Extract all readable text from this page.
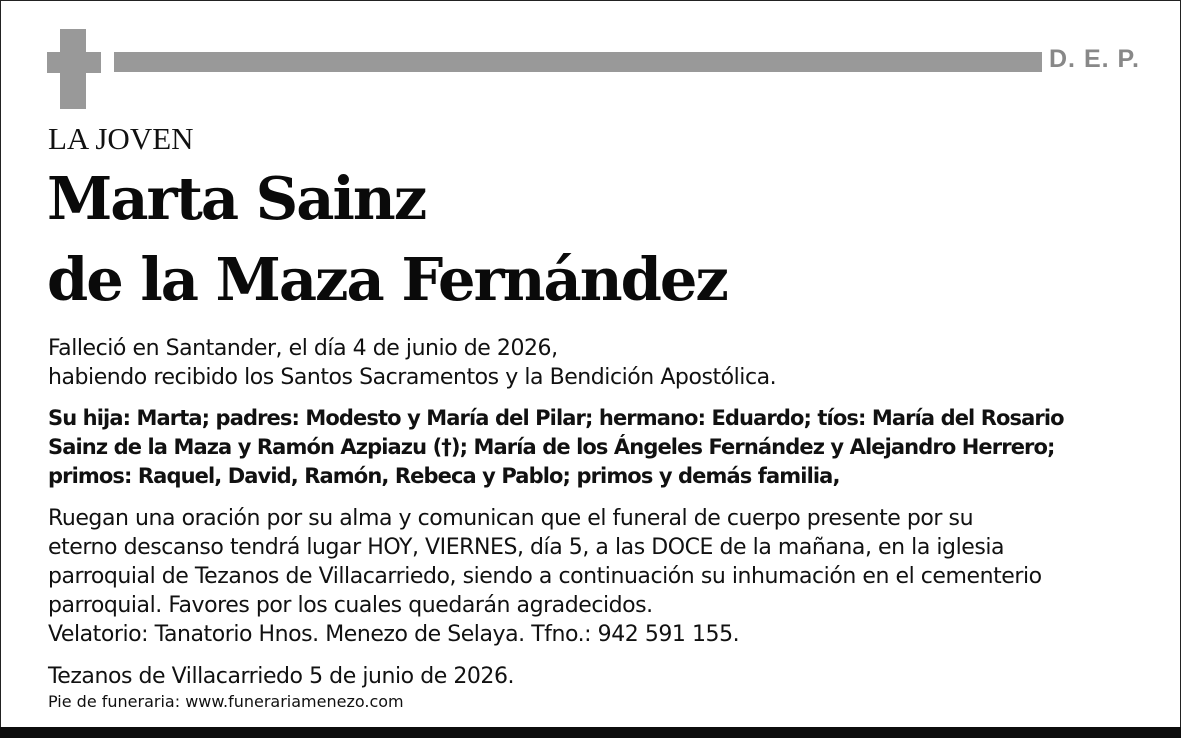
D. E. P.
LA JOVEN
Marta Sainz
de la Maza Fernández
Falleció en Santander, el día 4 de junio de 2026,
habiendo recibido los Santos Sacramentos y la Bendición Apostólica.
Su hija: Marta; padres: Modesto y María del Pilar; hermano: Eduardo; tíos: María del Rosario
Sainz de la Maza y Ramón Azpiazu (†); María de los Ángeles Fernández y Alejandro Herrero;
primos: Raquel, David, Ramón, Rebeca y Pablo; primos y demás familia,
Ruegan una oración por su alma y comunican que el funeral de cuerpo presente por su
eterno descanso tendrá lugar HOY, VIERNES, día 5, a las DOCE de la mañana, en la iglesia
parroquial de Tezanos de Villacarriedo, siendo a continuación su inhumación en el cementerio
parroquial. Favores por los cuales quedarán agradecidos.
Velatorio: Tanatorio Hnos. Menezo de Selaya. Tfno.: 942 591 155.
Tezanos de Villacarriedo 5 de junio de 2026.
Pie de funeraria: www.funerariamenezo.com
